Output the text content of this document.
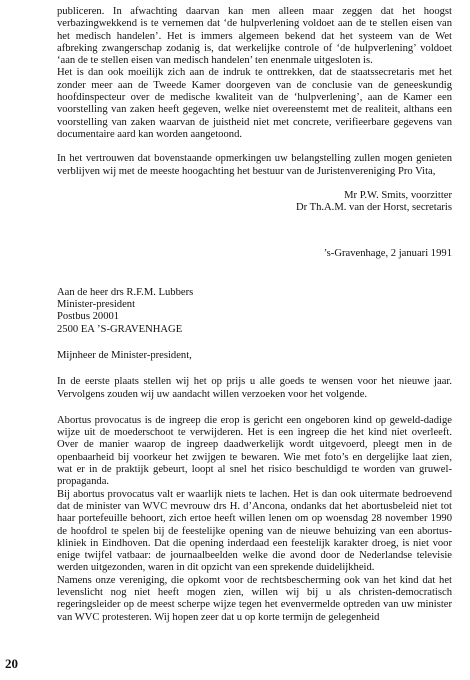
publiceren. In afwachting daarvan kan men alleen maar zeggen dat het hoogst verbazingwekkend is te vernemen dat ‘de hulpverlening voldoet aan de te stellen eisen van het medisch handelen’. Het is immers algemeen bekend dat het systeem van de Wet afbreking zwangerschap zodanig is, dat werkelijke controle of ‘de hulpverlening’ voldoet ‘aan de te stellen eisen van medisch handelen’ ten enenmale uitgesloten is.

Het is dan ook moeilijk zich aan de indruk te onttrekken, dat de staatssecretaris met het zonder meer aan de Tweede Kamer doorgeven van de conclusie van de geneeskundig hoofdinspecteur over de medische kwaliteit van de ‘hulpverlening’, aan de Kamer een voorstelling van zaken heeft gegeven, welke niet overeenstemt met de realiteit, althans een voorstelling van zaken waarvan de juistheid niet met concrete, verifieerbare gegevens van documentaire aard kan worden aangetoond.

In het vertrouwen dat bovenstaande opmerkingen uw belangstelling zullen mogen genieten verblijven wij met de meeste hoogachting het bestuur van de Juristenvereniging Pro Vita,

Mr P.W. Smits, voorzitter

Dr Th.A.M. van der Horst, secretaris

’s-Gravenhage, 2 januari 1991

Aan de heer drs R.F.M. Lubbers

Minister-president

Postbus 20001

2500 EA ’S-GRAVENHAGE

Mijnheer de Minister-president,

In de eerste plaats stellen wij het op prijs u alle goeds te wensen voor het nieuwe jaar. Vervolgens zouden wij uw aandacht willen verzoeken voor het volgende.

Abortus provocatus is de ingreep die erop is gericht een ongeboren kind op geweld-dadige wijze uit de moederschoot te verwijderen. Het is een ingreep die het kind niet overleeft. Over de manier waarop de ingreep daadwerkelijk wordt uitgevoerd, pleegt men in de openbaarheid bij voorkeur het zwijgen te bewaren. Wie met foto’s en dergelijke laat zien, wat er in de praktijk gebeurt, loopt al snel het risico beschuldigd te worden van gruwel-propaganda.

Bij abortus provocatus valt er waarlijk niets te lachen. Het is dan ook uitermate bedroevend dat de minister van WVC mevrouw drs H. d’Ancona, ondanks dat het abortusbeleid niet tot haar portefeuille behoort, zich ertoe heeft willen lenen om op woensdag 28 november 1990 de hoofdrol te spelen bij de feestelijke opening van de nieuwe behuizing van een abortus- kliniek in Eindhoven. Dat die opening inderdaad een feestelijk karakter droeg, is niet voor enige twijfel vatbaar: de journaalbeelden welke die avond door de Nederlandse televisie werden uitgezonden, waren in dit opzicht van een sprekende duidelijkheid.

Namens onze vereniging, die opkomt voor de rechtsbescherming ook van het kind dat het levenslicht nog niet heeft mogen zien, willen wij bij u als christen-democratisch regeringsleider op de meest scherpe wijze tegen het evenvermelde optreden van uw minister van WVC protesteren. Wij hopen zeer dat u op korte termijn de gelegenheid

20
